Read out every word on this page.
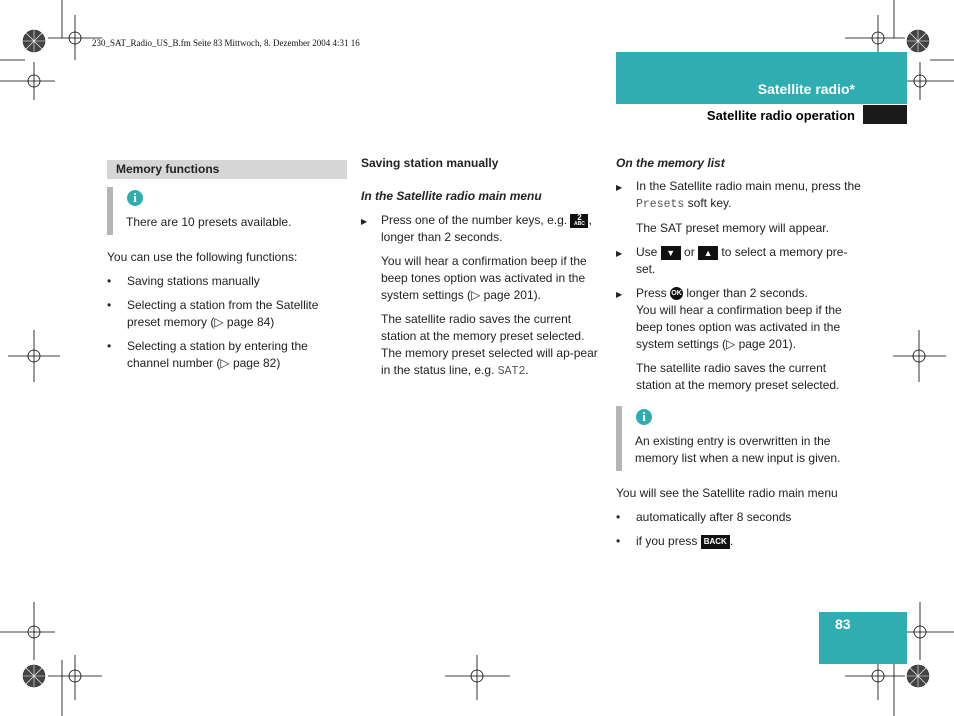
230_SAT_Radio_US_B.fm Seite 83 Mittwoch, 8. Dezember 2004 4:31 16
Satellite radio*
Satellite radio operation
83
Memory functions
i
There are 10 presets available.

You can use the following functions:

• Saving stations manually
• Selecting a station from the Satellite preset memory (▷ page 84)
• Selecting a station by entering the channel number (▷ page 82)

Saving station manually

In the Satellite radio main menu

▶ Press one of the number keys, e.g.	2
ABC , longer than 2 seconds.

You will hear a confirmation beep if the beep tones option was activated in the system settings (▷ page 201).

The satellite radio saves the current station at the memory preset selected. The memory preset selected will ap-pear in the status line, e.g. SAT2.

On the memory list

▶ In the Satellite radio main menu, press the Presets soft key.

The SAT preset memory will appear.

▶ Use ▼ or ▲ to select a memory pre-set.
▶ Press OK longer than 2 seconds.
You will hear a confirmation beep if the beep tones option was activated in the system settings (▷ page 201).

The satellite radio saves the current station at the memory preset selected.

i
An existing entry is overwritten in the memory list when a new input is given.

You will see the Satellite radio main menu

• automatically after 8 seconds
• if you press BACK .
